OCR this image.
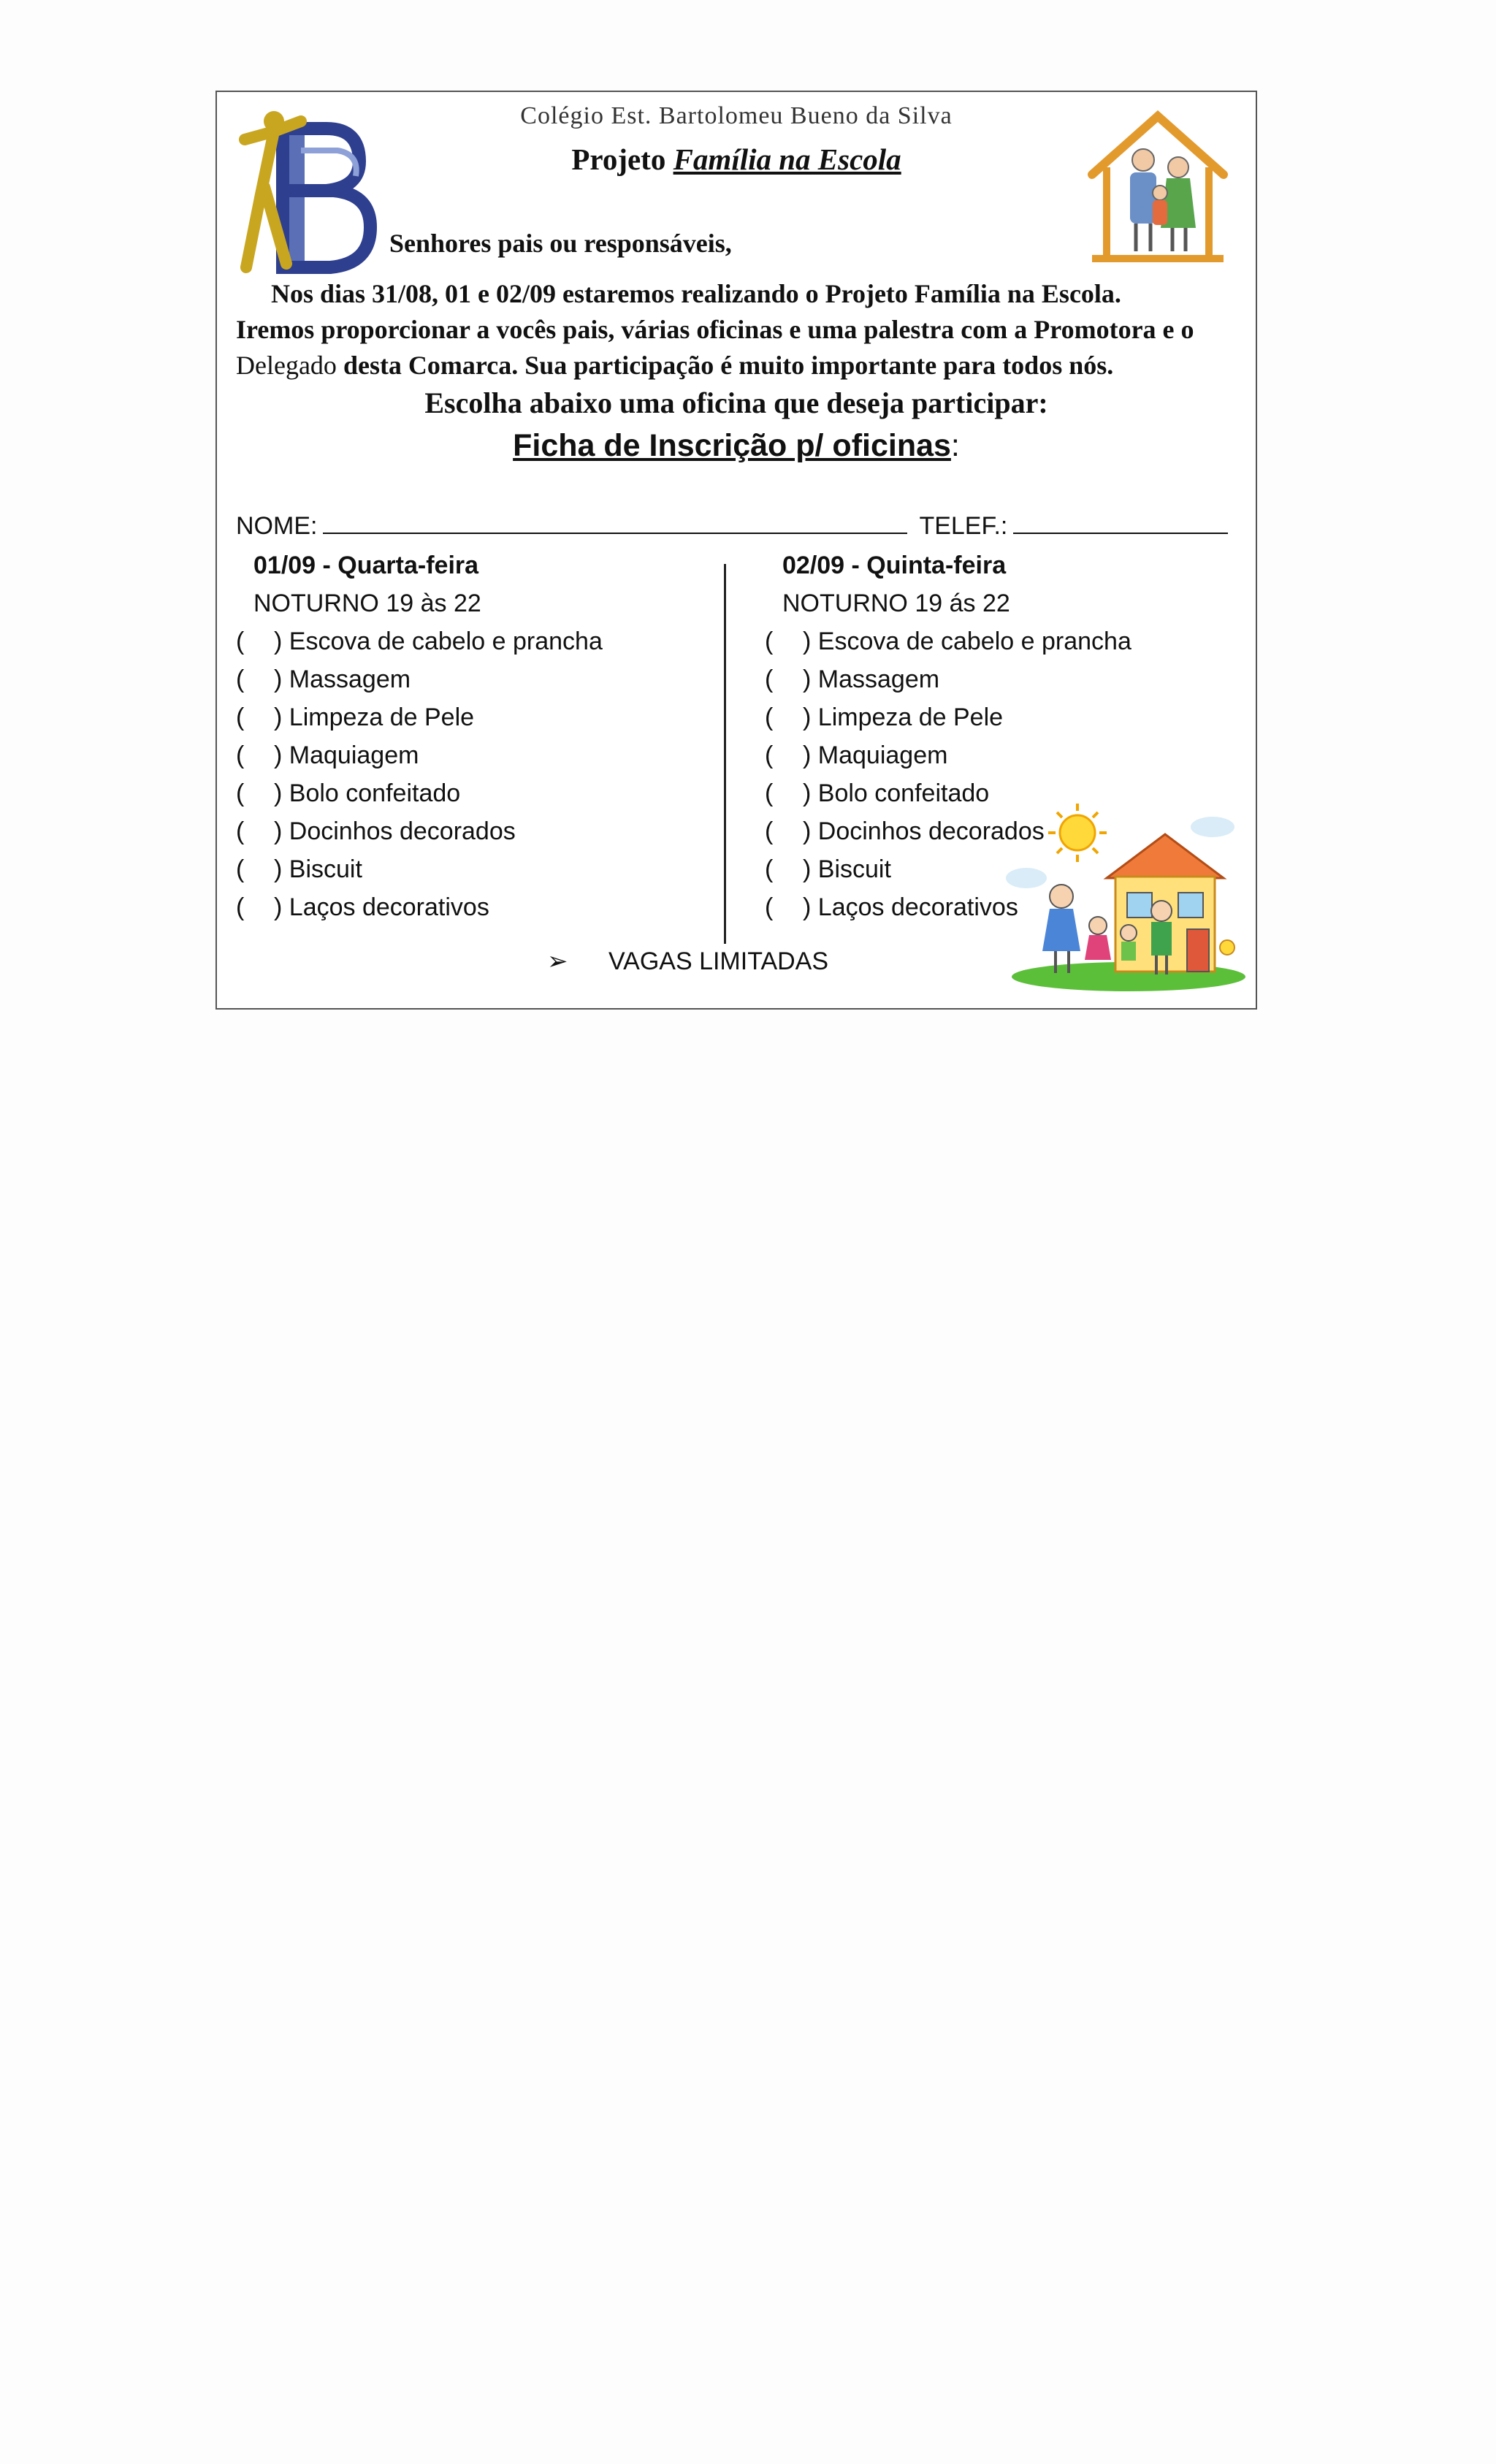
Colégio Est. Bartolomeu Bueno da Silva
Projeto Família na Escola
Senhores pais ou responsáveis,
Nos dias 31/08, 01 e 02/09 estaremos realizando o Projeto Família na Escola.
Iremos proporcionar a vocês pais, várias oficinas e uma palestra com a Promotora e o
Delegado desta Comarca. Sua participação é muito importante para todos nós.
Escolha abaixo uma oficina que deseja participar:
Ficha de Inscrição p/ oficinas:
NOME:	TELEF.:
01/09 - Quarta-feira
NOTURNO 19 às 22
(	)
Escova de cabelo e prancha
(	)
Massagem
(	)
Limpeza de Pele
(	)
Maquiagem
(	)
Bolo confeitado
(	)
Docinhos decorados
(	)
Biscuit
(	)
Laços decorativos
02/09 - Quinta-feira
NOTURNO 19 ás 22
(	)
Escova de cabelo e prancha
(	)
Massagem
(	)
Limpeza de Pele
(	)
Maquiagem
(	)
Bolo confeitado
(	)
Docinhos decorados
(	)
Biscuit
(	)
Laços decorativos
➢ VAGAS LIMITADAS
